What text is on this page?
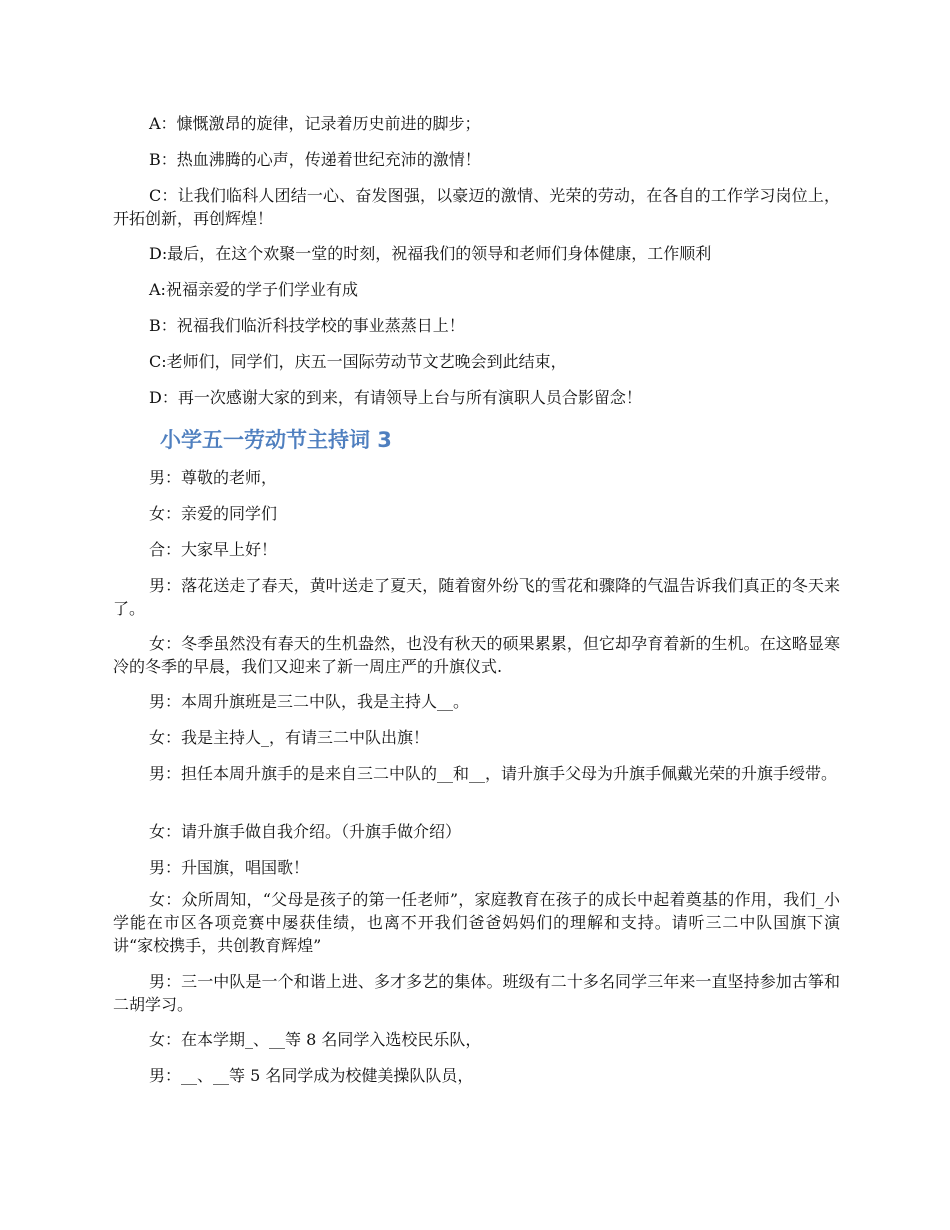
A：慷慨激昂的旋律，记录着历史前进的脚步；

B：热血沸腾的心声，传递着世纪充沛的激情！

C：让我们临科人团结一心、奋发图强，以豪迈的激情、光荣的劳动，在各自的工作学习岗位上，开拓创新，再创辉煌！

D:最后，在这个欢聚一堂的时刻，祝福我们的领导和老师们身体健康，工作顺利

A:祝福亲爱的学子们学业有成

B：祝福我们临沂科技学校的事业蒸蒸日上！

C:老师们，同学们，庆五一国际劳动节文艺晚会到此结束，

D：再一次感谢大家的到来，有请领导上台与所有演职人员合影留念！

小学五一劳动节主持词 3

男：尊敬的老师，

女：亲爱的同学们

合：大家早上好！

男：落花送走了春天，黄叶送走了夏天，随着窗外纷飞的雪花和骤降的气温告诉我们真正的冬天来了。

女：冬季虽然没有春天的生机盎然，也没有秋天的硕果累累，但它却孕育着新的生机。在这略显寒冷的冬季的早晨，我们又迎来了新一周庄严的升旗仪式.

男：本周升旗班是三二中队，我是主持人__。

女：我是主持人_，有请三二中队出旗！

男：担任本周升旗手的是来自三二中队的__和__，请升旗手父母为升旗手佩戴光荣的升旗手绶带。

女：请升旗手做自我介绍。（升旗手做介绍）

男：升国旗，唱国歌！

女：众所周知，“父母是孩子的第一任老师”，家庭教育在孩子的成长中起着奠基的作用，我们_小学能在市区各项竞赛中屡获佳绩，也离不开我们爸爸妈妈们的理解和支持。请听三二中队国旗下演讲“家校携手，共创教育辉煌”

男：三一中队是一个和谐上进、多才多艺的集体。班级有二十多名同学三年来一直坚持参加古筝和二胡学习。

女：在本学期_、__等 8 名同学入选校民乐队，

男：__、__等 5 名同学成为校健美操队队员，
